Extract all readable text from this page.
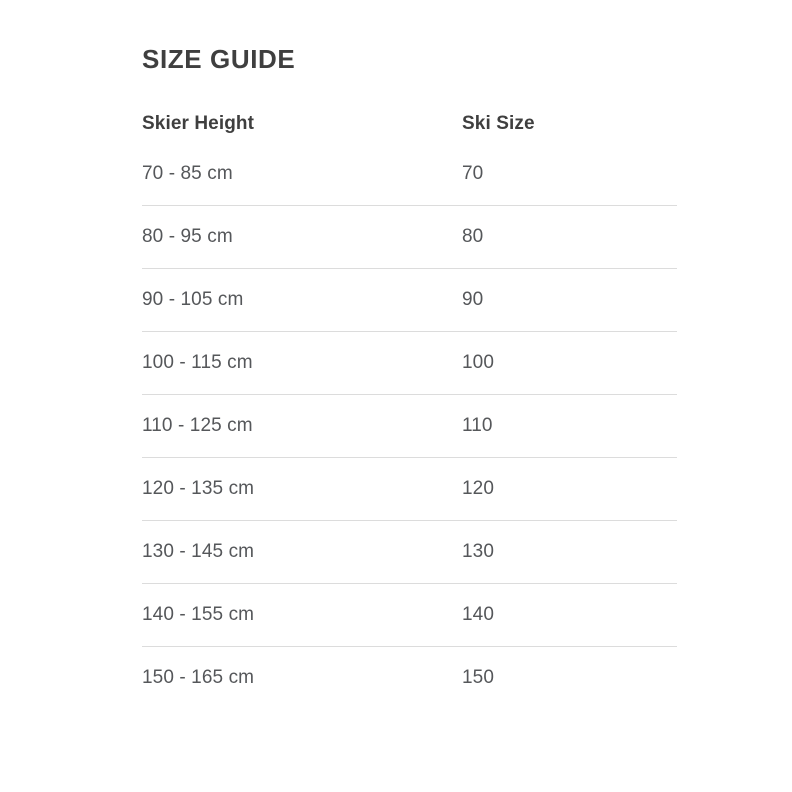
SIZE GUIDE
Skier Height	Ski Size
70 - 85 cm	70
80 - 95 cm	80
90 - 105 cm	90
100 - 115 cm	100
110 - 125 cm	110
120 - 135 cm	120
130 - 145 cm	130
140 - 155 cm	140
150 - 165 cm	150
